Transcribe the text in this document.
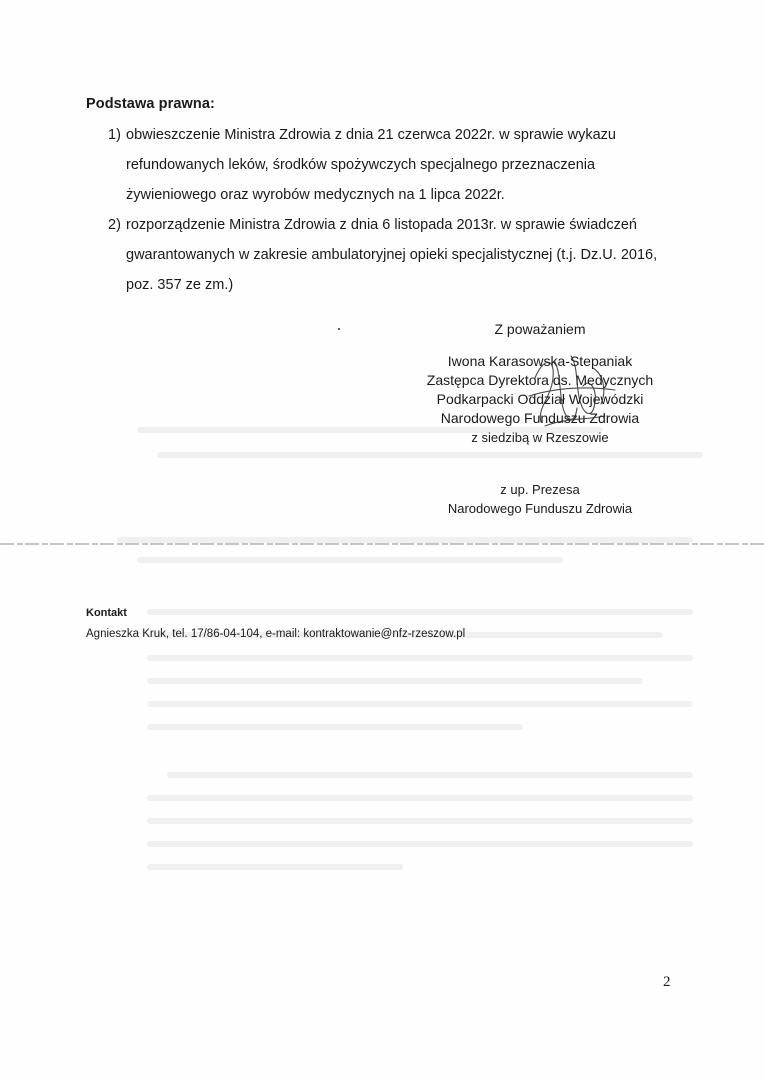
Podstawa prawna:
1) obwieszczenie Ministra Zdrowia z dnia 21 czerwca 2022r. w sprawie wykazu
refundowanych leków, środków spożywczych specjalnego przeznaczenia
żywieniowego oraz wyrobów medycznych na 1 lipca 2022r.
2) rozporządzenie Ministra Zdrowia z dnia 6 listopada 2013r. w sprawie świadczeń
gwarantowanych w zakresie ambulatoryjnej opieki specjalistycznej (t.j. Dz.U. 2016,
poz. 357 ze zm.)
Z poważaniem
Iwona Karasowska-Stepaniak
Zastępca Dyrektora ds. Medycznych
Podkarpacki Oddział Wojewódzki
Narodowego Funduszu Zdrowia
z siedzibą w Rzeszowie
z up. Prezesa
Narodowego Funduszu Zdrowia
Kontakt
Agnieszka Kruk, tel. 17/86-04-104, e-mail: kontraktowanie@nfz-rzeszow.pl
2
